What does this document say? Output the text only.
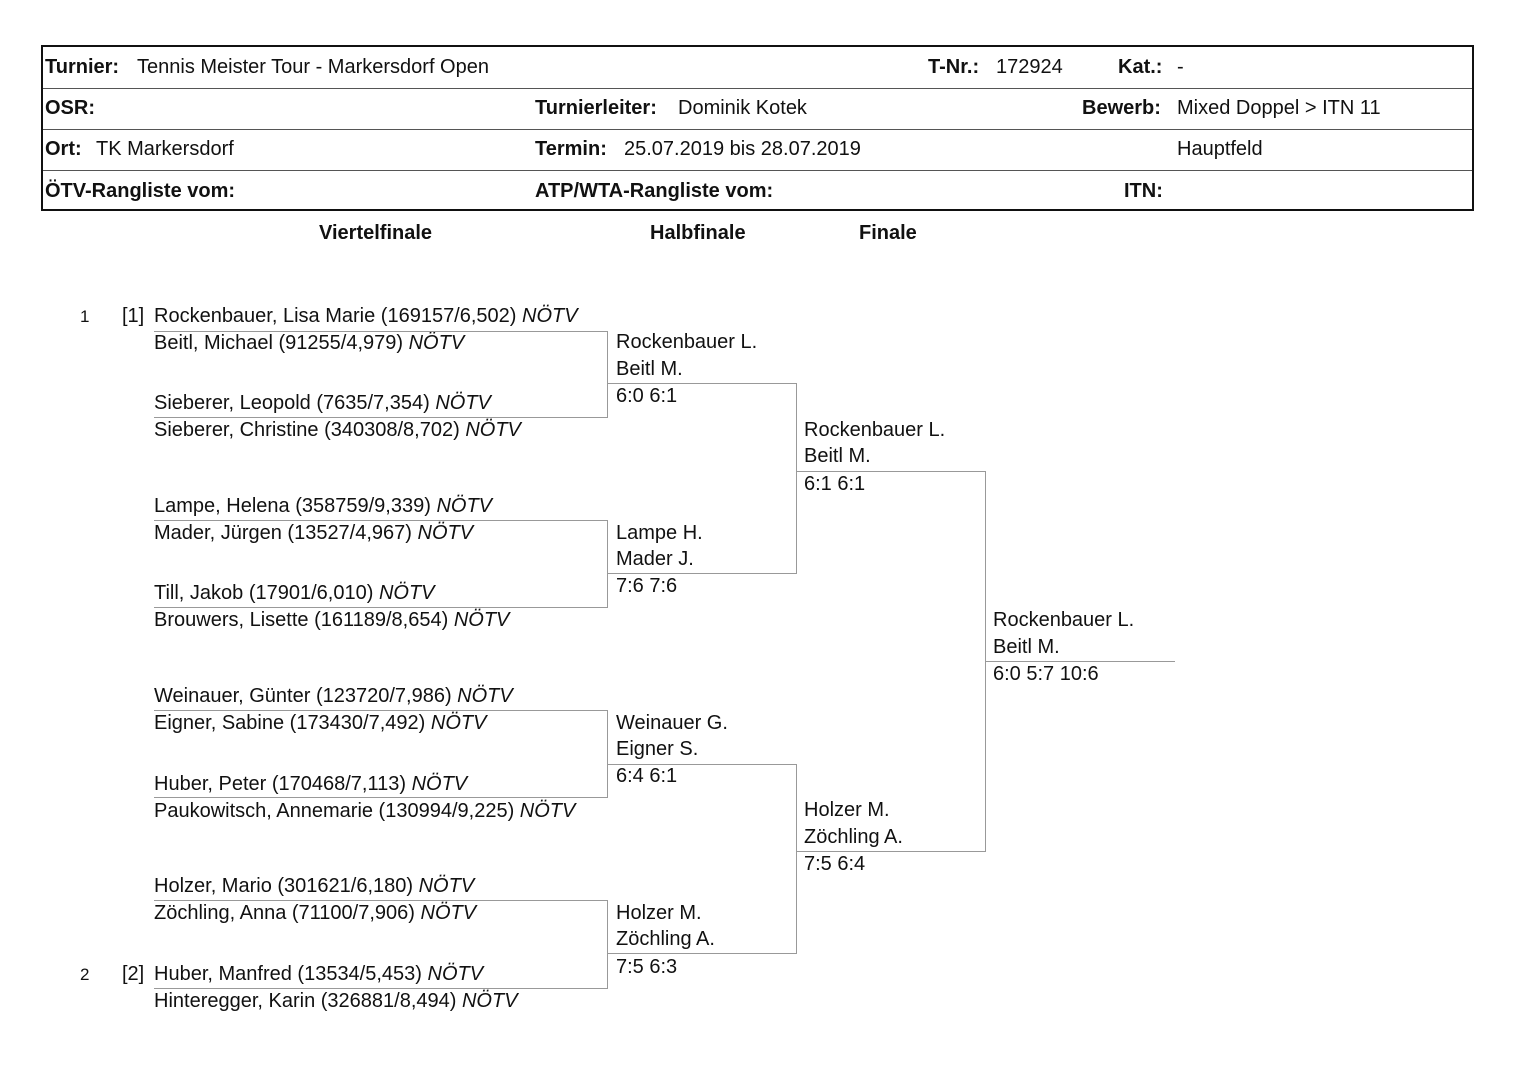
Turnier: Tennis Meister Tour - Markersdorf Open	T-Nr.: 172924	Kat.: -
OSR:	Turnierleiter: Dominik Kotek	Bewerb: Mixed Doppel > ITN 11
Ort: TK Markersdorf	Termin: 25.07.2019 bis 28.07.2019	Hauptfeld
ÖTV-Rangliste vom:	ATP/WTA-Rangliste vom:	ITN:
Viertelfinale	Halbfinale	Finale
1 [1]
2 [2]
Rockenbauer, Lisa Marie (169157/6,502) NÖTV
Beitl, Michael (91255/4,979) NÖTV
Sieberer, Leopold (7635/7,354) NÖTV
Sieberer, Christine (340308/8,702) NÖTV
Lampe, Helena (358759/9,339) NÖTV
Mader, Jürgen (13527/4,967) NÖTV
Till, Jakob (17901/6,010) NÖTV
Brouwers, Lisette (161189/8,654) NÖTV
Weinauer, Günter (123720/7,986) NÖTV
Eigner, Sabine (173430/7,492) NÖTV
Huber, Peter (170468/7,113) NÖTV
Paukowitsch, Annemarie (130994/9,225) NÖTV
Holzer, Mario (301621/6,180) NÖTV
Zöchling, Anna (71100/7,906) NÖTV
Huber, Manfred (13534/5,453) NÖTV
Hinteregger, Karin (326881/8,494) NÖTV
Rockenbauer L.
Beitl M.
6:0 6:1
Lampe H.
Mader J.
7:6 7:6
Weinauer G.
Eigner S.
6:4 6:1
Holzer M.
Zöchling A.
7:5 6:3
Rockenbauer L.
Beitl M.
6:1 6:1
Holzer M.
Zöchling A.
7:5 6:4
Rockenbauer L.
Beitl M.
6:0 5:7 10:6
